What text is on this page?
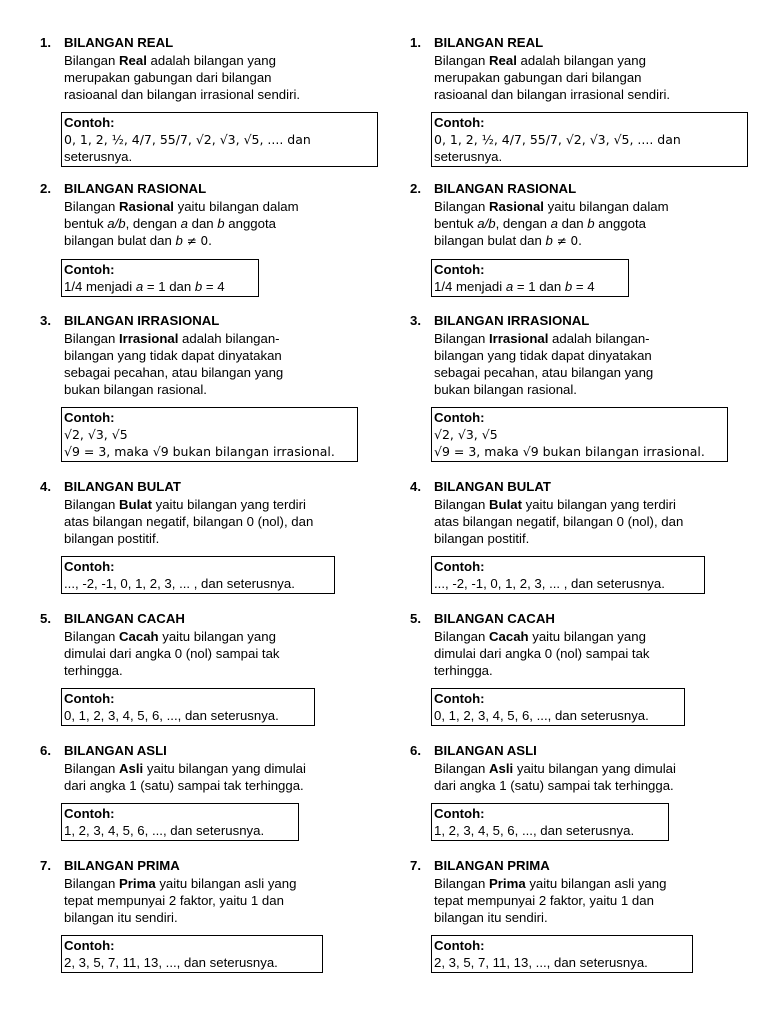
1. BILANGAN REAL
Bilangan Real adalah bilangan yang
merupakan gabungan dari bilangan
rasioanal dan bilangan irrasional sendiri.
Contoh:
0, 1, 2, ½, 4/7, 55/7, √2, √3, √5, .... dan
seterusnya.
2. BILANGAN RASIONAL
Bilangan Rasional yaitu bilangan dalam
bentuk a/b, dengan a dan b anggota
bilangan bulat dan b ≠ 0.
Contoh:
1/4 menjadi a = 1 dan b = 4
3. BILANGAN IRRASIONAL
Bilangan Irrasional adalah bilangan-
bilangan yang tidak dapat dinyatakan
sebagai pecahan, atau bilangan yang
bukan bilangan rasional.
Contoh:
√2, √3, √5
√9 = 3, maka √9 bukan bilangan irrasional.
4. BILANGAN BULAT
Bilangan Bulat yaitu bilangan yang terdiri
atas bilangan negatif, bilangan 0 (nol), dan
bilangan postitif.
Contoh:
..., -2, -1, 0, 1, 2, 3, ... , dan seterusnya.
5. BILANGAN CACAH
Bilangan Cacah yaitu bilangan yang
dimulai dari angka 0 (nol) sampai tak
terhingga.
Contoh:
0, 1, 2, 3, 4, 5, 6, ..., dan seterusnya.
6. BILANGAN ASLI
Bilangan Asli yaitu bilangan yang dimulai
dari angka 1 (satu) sampai tak terhingga.
Contoh:
1, 2, 3, 4, 5, 6, ..., dan seterusnya.
7. BILANGAN PRIMA
Bilangan Prima yaitu bilangan asli yang
tepat mempunyai 2 faktor, yaitu 1 dan
bilangan itu sendiri.
Contoh:
2, 3, 5, 7, 11, 13, ..., dan seterusnya.
1. BILANGAN REAL
Bilangan Real adalah bilangan yang
merupakan gabungan dari bilangan
rasioanal dan bilangan irrasional sendiri.
Contoh:
0, 1, 2, ½, 4/7, 55/7, √2, √3, √5, .... dan
seterusnya.
2. BILANGAN RASIONAL
Bilangan Rasional yaitu bilangan dalam
bentuk a/b, dengan a dan b anggota
bilangan bulat dan b ≠ 0.
Contoh:
1/4 menjadi a = 1 dan b = 4
3. BILANGAN IRRASIONAL
Bilangan Irrasional adalah bilangan-
bilangan yang tidak dapat dinyatakan
sebagai pecahan, atau bilangan yang
bukan bilangan rasional.
Contoh:
√2, √3, √5
√9 = 3, maka √9 bukan bilangan irrasional.
4. BILANGAN BULAT
Bilangan Bulat yaitu bilangan yang terdiri
atas bilangan negatif, bilangan 0 (nol), dan
bilangan postitif.
Contoh:
..., -2, -1, 0, 1, 2, 3, ... , dan seterusnya.
5. BILANGAN CACAH
Bilangan Cacah yaitu bilangan yang
dimulai dari angka 0 (nol) sampai tak
terhingga.
Contoh:
0, 1, 2, 3, 4, 5, 6, ..., dan seterusnya.
6. BILANGAN ASLI
Bilangan Asli yaitu bilangan yang dimulai
dari angka 1 (satu) sampai tak terhingga.
Contoh:
1, 2, 3, 4, 5, 6, ..., dan seterusnya.
7. BILANGAN PRIMA
Bilangan Prima yaitu bilangan asli yang
tepat mempunyai 2 faktor, yaitu 1 dan
bilangan itu sendiri.
Contoh:
2, 3, 5, 7, 11, 13, ..., dan seterusnya.
